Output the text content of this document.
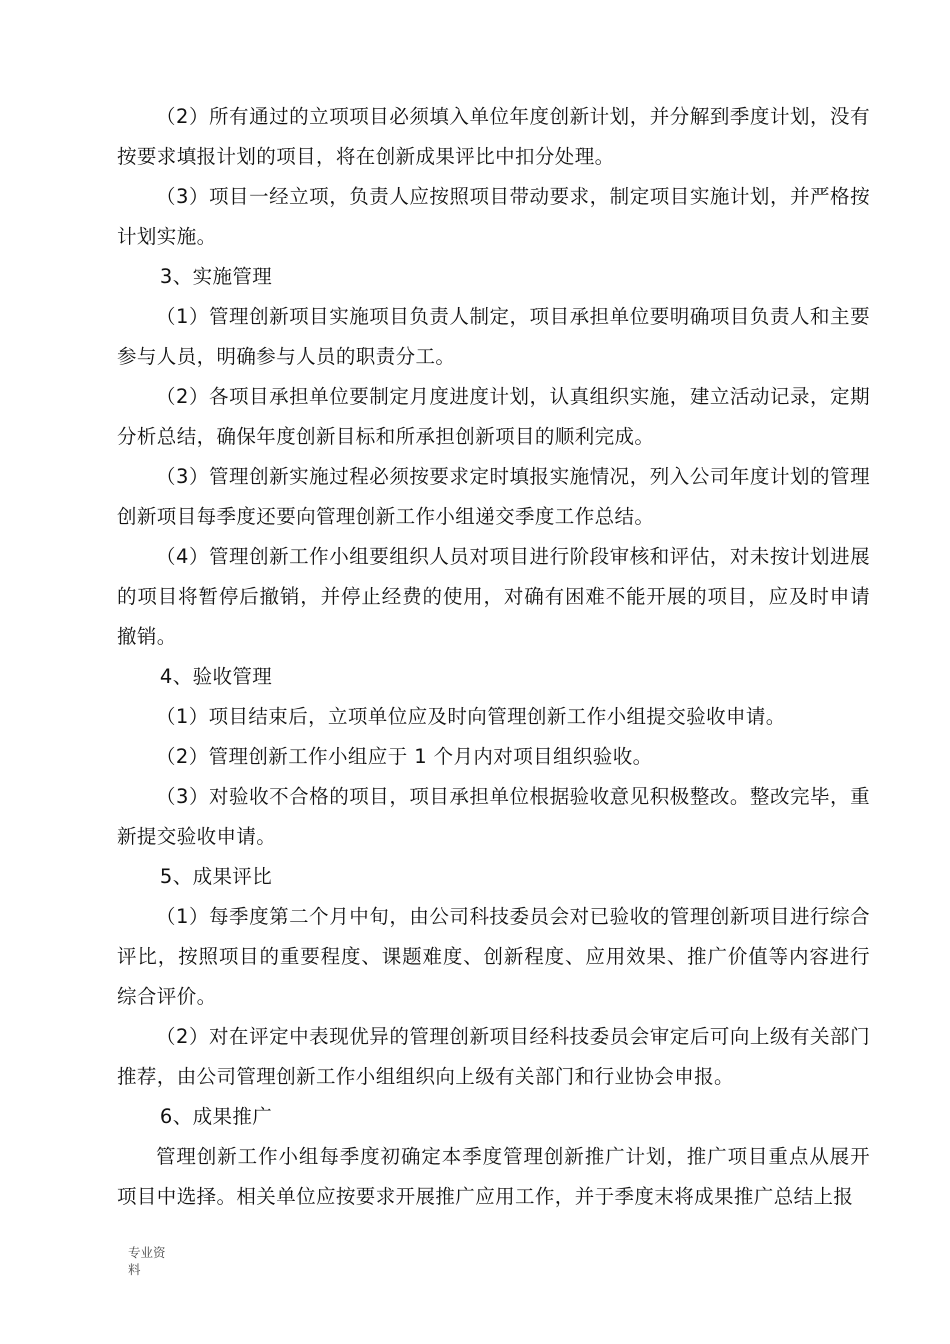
（2）所有通过的立项项目必须填入单位年度创新计划，并分解到季度计划，没有按要求填报计划的项目，将在创新成果评比中扣分处理。

（3）项目一经立项，负责人应按照项目带动要求，制定项目实施计划，并严格按计划实施。

3、实施管理

（1）管理创新项目实施项目负责人制定，项目承担单位要明确项目负责人和主要参与人员，明确参与人员的职责分工。

（2）各项目承担单位要制定月度进度计划，认真组织实施，建立活动记录，定期分析总结，确保年度创新目标和所承担创新项目的顺利完成。

（3）管理创新实施过程必须按要求定时填报实施情况，列入公司年度计划的管理创新项目每季度还要向管理创新工作小组递交季度工作总结。

（4）管理创新工作小组要组织人员对项目进行阶段审核和评估，对未按计划进展的项目将暂停后撤销，并停止经费的使用，对确有困难不能开展的项目，应及时申请撤销。

4、验收管理

（1）项目结束后，立项单位应及时向管理创新工作小组提交验收申请。

（2）管理创新工作小组应于 1 个月内对项目组织验收。

（3）对验收不合格的项目，项目承担单位根据验收意见积极整改。整改完毕，重新提交验收申请。

5、成果评比

（1）每季度第二个月中旬，由公司科技委员会对已验收的管理创新项目进行综合评比，按照项目的重要程度、课题难度、创新程度、应用效果、推广价值等内容进行综合评价。

（2）对在评定中表现优异的管理创新项目经科技委员会审定后可向上级有关部门推荐，由公司管理创新工作小组组织向上级有关部门和行业协会申报。

6、成果推广

管理创新工作小组每季度初确定本季度管理创新推广计划，推广项目重点从展开项目中选择。相关单位应按要求开展推广应用工作，并于季度末将成果推广总结上报

专业资料
